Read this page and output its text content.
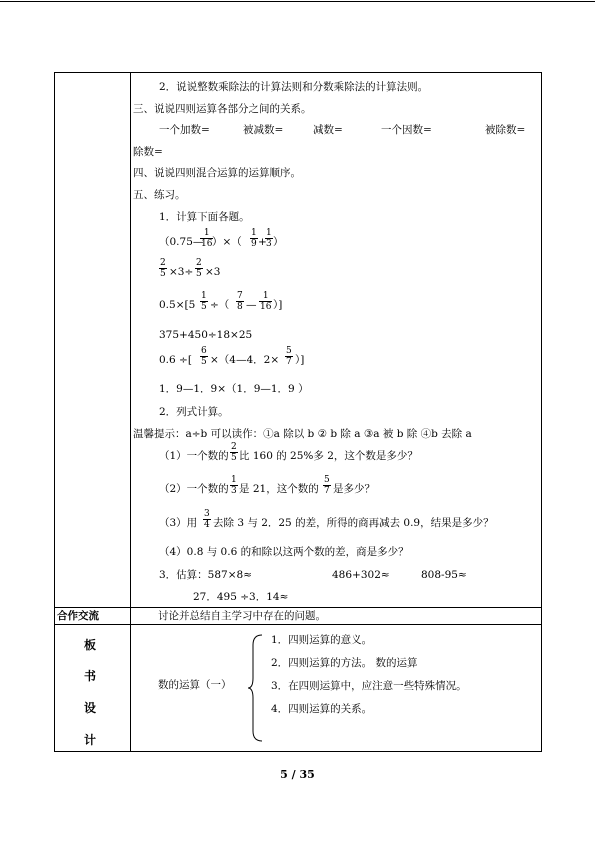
2．说说整数乘除法的计算法则和分数乘除法的计算法则。
三、说说四则运算各部分之间的关系。
一个加数=	被减数=	减数=	一个因数=	被除数=
除数=
四、说说四则混合运算的运算顺序。
五、练习。
1．计算下面各题。
（0.75—
$\frac{1}{16}$
）×（ $\frac{1}{9}$ +
$\frac{1}{3}$ ）
$\frac{2}{5} \times 3\div \frac{2}{5} \times 3$
$0.5\times[5 \frac{1}{5}$ ÷（ $\frac{7}{8}$ — $\frac{1}{16}$ ）]
375+450÷18×25
0.6 ÷[ $\frac{6}{5}$ ×（4—4．$2\times \frac{5}{7}$ ）]
1．9—1．9×（1．9—1．9 ）
2．列式计算。
温馨提示：a÷b 可以读作：①a 除以 b ② b 除 a ③a 被 b 除 ④b 去除 a
（1）一个数的 $\frac{2}{5}$ 比 160 的 25%多 2，这个数是多少？
（2）一个数的 $\frac{1}{3}$ 是 21，这个数的 $\frac{5}{7}$ 是多少？
（3）用 $\frac{3}{4}$ 去除 3 与 2．25 的差，所得的商再减去 0.9，结果是多少？
（4）0.8 与 0.6 的和除以这两个数的差，商是多少？
3．估算：587×8≈	486+302≈	808-95≈
27．495 ÷3．14≈
合作交流	讨论并总结自主学习中存在的问题。
板
书
设
计
数的运算（一）
1．四则运算的意义。
2．四则运算的方法。 数的运算
3．在四则运算中，应注意一些特殊情况。
4．四则运算的关系。
5 / 35
